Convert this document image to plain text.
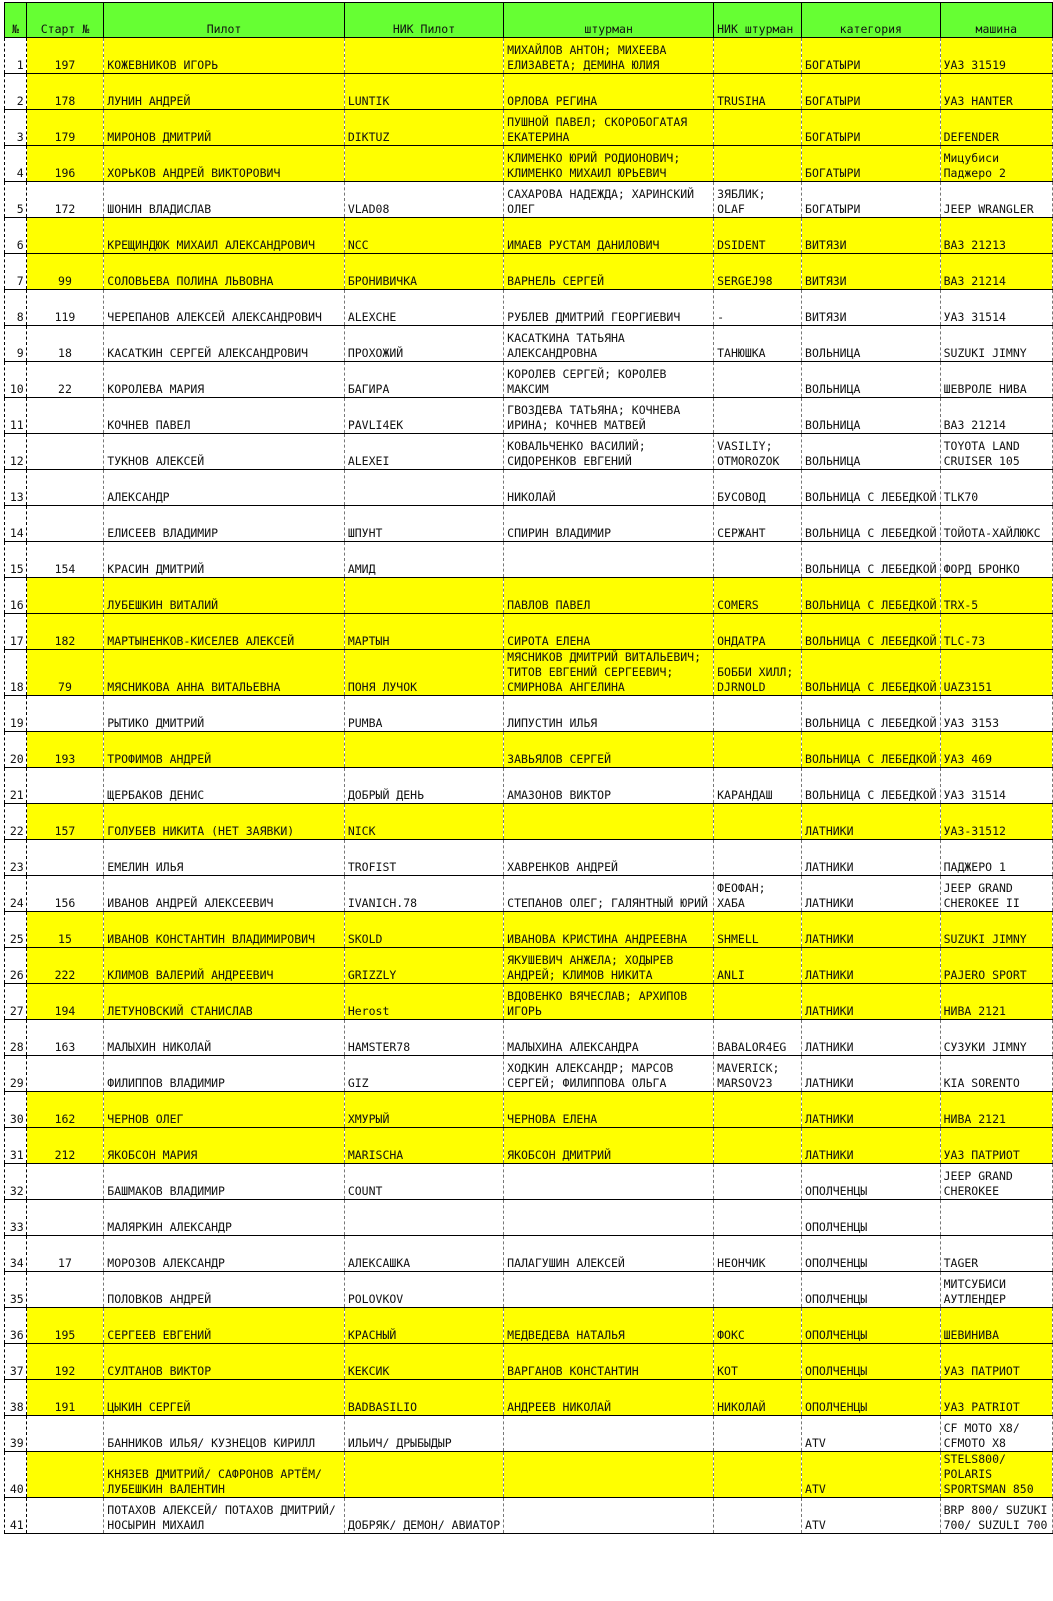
№	Старт №	Пилот	НИК Пилот	штурман	НИК штурман	категория	машина
1	197	КОЖЕВНИКОВ ИГОРЬ		МИХАЙЛОВ АНТОН; МИХЕЕВА ЕЛИЗАВЕТА; ДЕМИНА ЮЛИЯ		БОГАТЫРИ	УАЗ 31519
2	178	ЛУНИН АНДРЕЙ	LUNTIK	ОРЛОВА РЕГИНА	TRUSIHA	БОГАТЫРИ	УАЗ HANTER
3	179	МИРОНОВ ДМИТРИЙ	DIKTUZ	ПУШНОЙ ПАВЕЛ; СКОРОБОГАТАЯ ЕКАТЕРИНА		БОГАТЫРИ	DEFENDER
4	196	ХОРЬКОВ АНДРЕЙ ВИКТОРОВИЧ		КЛИМЕНКО ЮРИЙ РОДИОНОВИЧ; КЛИМЕНКО МИХАИЛ ЮРЬЕВИЧ		БОГАТЫРИ	Мицубиси Паджеро 2
5	172	ШОНИН ВЛАДИСЛАВ	VLAD08	САХАРОВА НАДЕЖДА; ХАРИНСКИЙ ОЛЕГ	ЗЯБЛИК; OLAF	БОГАТЫРИ	JEEP WRANGLER
6		КРЕЩИНДЮК МИХАИЛ АЛЕКСАНДРОВИЧ	NCC	ИМАЕВ РУСТАМ ДАНИЛОВИЧ	DSIDENT	ВИТЯЗИ	ВАЗ 21213
7	99	СОЛОВЬЕВА ПОЛИНА ЛЬВОВНА	БРОНИВИЧКА	ВАРНЕЛЬ СЕРГЕЙ	SERGEJ98	ВИТЯЗИ	ВАЗ 21214
8	119	ЧЕРЕПАНОВ АЛЕКСЕЙ АЛЕКСАНДРОВИЧ	ALEXCHE	РУБЛЕВ ДМИТРИЙ ГЕОРГИЕВИЧ	-	ВИТЯЗИ	УАЗ 31514
9	18	КАСАТКИН СЕРГЕЙ АЛЕКСАНДРОВИЧ	ПРОХОЖИЙ	КАСАТКИНА ТАТЬЯНА АЛЕКСАНДРОВНА	ТАНЮШКА	ВОЛЬНИЦА	SUZUKI JIMNY
10	22	КОРОЛЕВА МАРИЯ	БАГИРА	КОРОЛЕВ СЕРГЕЙ; КОРОЛЕВ МАКСИМ		ВОЛЬНИЦА	ШЕВРОЛЕ НИВА
11		КОЧНЕВ ПАВЕЛ	PAVLI4EK	ГВОЗДЕВА ТАТЬЯНА; КОЧНЕВА ИРИНА; КОЧНЕВ МАТВЕЙ		ВОЛЬНИЦА	ВАЗ 21214
12		ТУКНОВ АЛЕКСЕЙ	ALEXEI	КОВАЛЬЧЕНКО ВАСИЛИЙ; СИДОРЕНКОВ ЕВГЕНИЙ	VASILIY; OTMOROZOK	ВОЛЬНИЦА	TOYOTA LAND CRUISER 105
13		АЛЕКСАНДР		НИКОЛАЙ	БУСОВОД	ВОЛЬНИЦА С ЛЕБЕДКОЙ	TLK70
14		ЕЛИСЕЕВ ВЛАДИМИР	ШПУНТ	СПИРИН ВЛАДИМИР	СЕРЖАНТ	ВОЛЬНИЦА С ЛЕБЕДКОЙ	ТОЙОТА-ХАЙЛЮКС
15	154	КРАСИН ДМИТРИЙ	АМИД			ВОЛЬНИЦА С ЛЕБЕДКОЙ	ФОРД БРОНКО
16		ЛУБЕШКИН ВИТАЛИЙ		ПАВЛОВ ПАВЕЛ	COMERS	ВОЛЬНИЦА С ЛЕБЕДКОЙ	TRX-5
17	182	МАРТЫНЕНКОВ-КИСЕЛЕВ АЛЕКСЕЙ	МАРТЫН	СИРОТА ЕЛЕНА	ОНДАТРА	ВОЛЬНИЦА С ЛЕБЕДКОЙ	TLC-73
18	79	МЯСНИКОВА АННА ВИТАЛЬЕВНА	ПОНЯ ЛУЧОК	МЯСНИКОВ ДМИТРИЙ ВИТАЛЬЕВИЧ; ТИТОВ ЕВГЕНИЙ СЕРГЕЕВИЧ; СМИРНОВА АНГЕЛИНА	БОББИ ХИЛЛ; DJRNOLD	ВОЛЬНИЦА С ЛЕБЕДКОЙ	UAZ3151
19		РЫТИКО ДМИТРИЙ	PUMBA	ЛИПУСТИН ИЛЬЯ		ВОЛЬНИЦА С ЛЕБЕДКОЙ	УАЗ 3153
20	193	ТРОФИМОВ АНДРЕЙ		ЗАВЬЯЛОВ СЕРГЕЙ		ВОЛЬНИЦА С ЛЕБЕДКОЙ	УАЗ 469
21		ЩЕРБАКОВ ДЕНИС	ДОБРЫЙ ДЕНЬ	АМАЗОНОВ ВИКТОР	КАРАНДАШ	ВОЛЬНИЦА С ЛЕБЕДКОЙ	УАЗ 31514
22	157	ГОЛУБЕВ НИКИТА (НЕТ ЗАЯВКИ)	NICK			ЛАТНИКИ	УАЗ-31512
23		ЕМЕЛИН ИЛЬЯ	TROFIST	ХАВРЕНКОВ АНДРЕЙ		ЛАТНИКИ	ПАДЖЕРО 1
24	156	ИВАНОВ АНДРЕЙ АЛЕКСЕЕВИЧ	IVANICH.78	СТЕПАНОВ ОЛЕГ; ГАЛЯНТНЫЙ ЮРИЙ	ФЕОФАН; ХАБА	ЛАТНИКИ	JEEP GRAND CHEROKEE II
25	15	ИВАНОВ КОНСТАНТИН ВЛАДИМИРОВИЧ	SKOLD	ИВАНОВА КРИСТИНА АНДРЕЕВНА	SHMELL	ЛАТНИКИ	SUZUKI JIMNY
26	222	КЛИМОВ ВАЛЕРИЙ АНДРЕЕВИЧ	GRIZZLY	ЯКУШЕВИЧ АНЖЕЛА; ХОДЫРЕВ АНДРЕЙ; КЛИМОВ НИКИТА	ANLI	ЛАТНИКИ	PAJERO SPORT
27	194	ЛЕТУНОВСКИЙ СТАНИСЛАВ	Herost	ВДОВЕНКО ВЯЧЕСЛАВ; АРХИПОВ ИГОРЬ		ЛАТНИКИ	НИВА 2121
28	163	МАЛЫХИН НИКОЛАЙ	HAMSTER78	МАЛЫХИНА АЛЕКСАНДРА	BABALOR4EG	ЛАТНИКИ	СУЗУКИ JIMNY
29		ФИЛИППОВ ВЛАДИМИР	GIZ	ХОДКИН АЛЕКСАНДР; МАРСОВ СЕРГЕЙ; ФИЛИППОВА ОЛЬГА	MAVERICK; MARSOV23	ЛАТНИКИ	KIA SORENTO
30	162	ЧЕРНОВ ОЛЕГ	ХМУРЫЙ	ЧЕРНОВА ЕЛЕНА		ЛАТНИКИ	НИВА 2121
31	212	ЯКОБСОН МАРИЯ	MARISCHA	ЯКОБСОН ДМИТРИЙ		ЛАТНИКИ	УАЗ ПАТРИОТ
32		БАШМАКОВ ВЛАДИМИР	COUNT			ОПОЛЧЕНЦЫ	JEEP GRAND CHEROKEE
33		МАЛЯРКИН АЛЕКСАНДР				ОПОЛЧЕНЦЫ	
34	17	МОРОЗОВ АЛЕКСАНДР	АЛЕКСАШКА	ПАЛАГУШИН АЛЕКСЕЙ	НЕОНЧИК	ОПОЛЧЕНЦЫ	TAGER
35		ПОЛОВКОВ АНДРЕЙ	POLOVKOV			ОПОЛЧЕНЦЫ	МИТСУБИСИ АУТЛЕНДЕР
36	195	СЕРГЕЕВ ЕВГЕНИЙ	КРАСНЫЙ	МЕДВЕДЕВА НАТАЛЬЯ	ФОКС	ОПОЛЧЕНЦЫ	ШЕВИНИВА
37	192	СУЛТАНОВ ВИКТОР	КЕКСИК	ВАРГАНОВ КОНСТАНТИН	КОТ	ОПОЛЧЕНЦЫ	УАЗ ПАТРИОТ
38	191	ЦЫКИН СЕРГЕЙ	BADBASILIO	АНДРЕЕВ НИКОЛАЙ	НИКОЛАЙ	ОПОЛЧЕНЦЫ	УАЗ PATRIOT
39		БАННИКОВ ИЛЬЯ/ КУЗНЕЦОВ КИРИЛЛ	ИЛЬИЧ/ ДРЫБЫДЫР			ATV	CF MOTO X8/ CFMOTO X8
40		КНЯЗЕВ ДМИТРИЙ/ САФРОНОВ АРТЁМ/ ЛУБЕШКИН ВАЛЕНТИН				ATV	STELS800/ POLARIS SPORTSMAN 850
41		ПОТАХОВ АЛЕКСЕЙ/ ПОТАХОВ ДМИТРИЙ/ НОСЫРИН МИХАИЛ	ДОБРЯК/ ДЕМОН/ АВИАТОР			ATV	BRP 800/ SUZUKI 700/ SUZULI 700
